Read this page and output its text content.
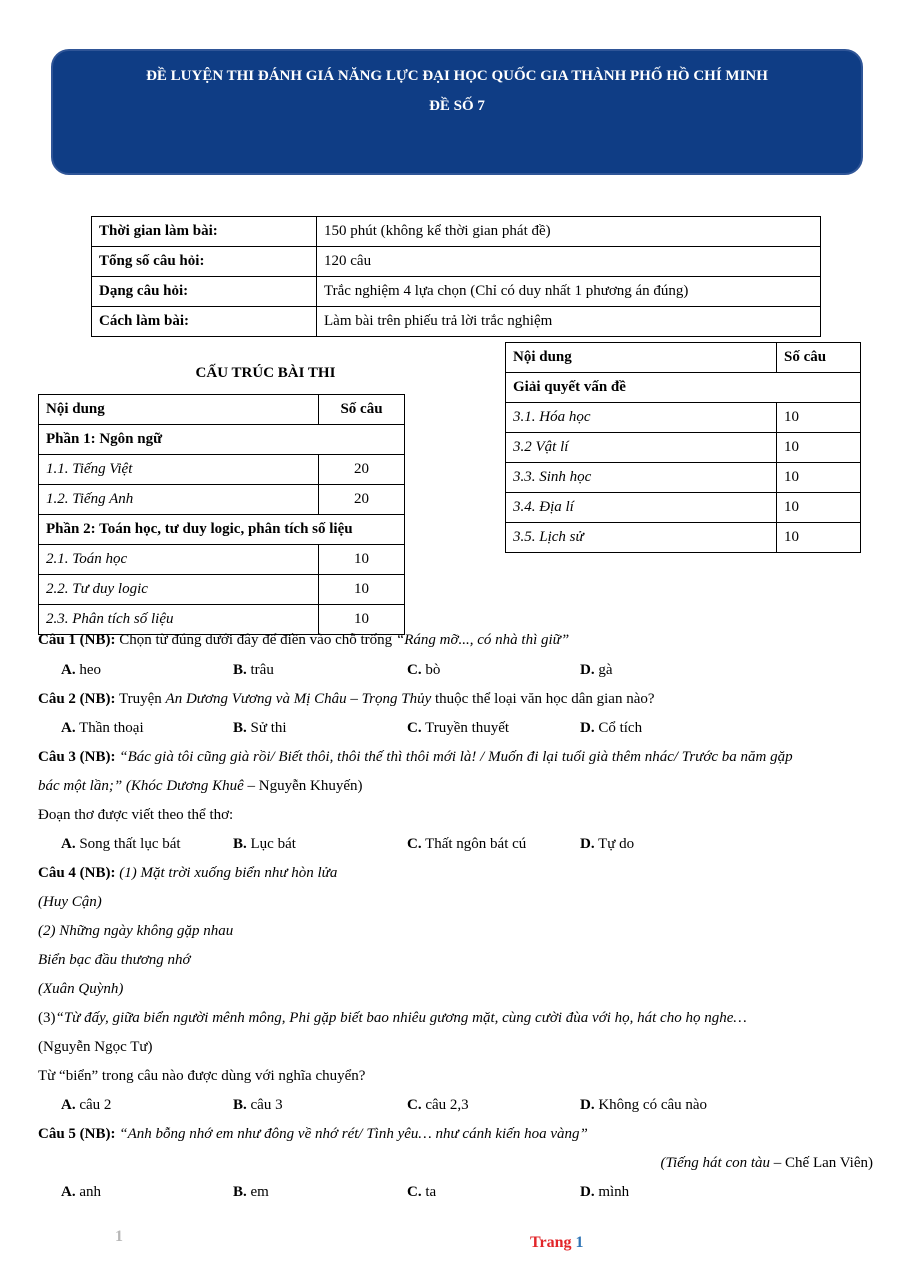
ĐỀ LUYỆN THI ĐÁNH GIÁ NĂNG LỰC ĐẠI HỌC QUỐC GIA THÀNH PHỐ HỒ CHÍ MINH
ĐỀ SỐ 7
Thời gian làm bài:	150 phút (không kể thời gian phát đề)
Tổng số câu hỏi:	120 câu
Dạng câu hỏi:	Trắc nghiệm 4 lựa chọn (Chỉ có duy nhất 1 phương án đúng)
Cách làm bài:	Làm bài trên phiếu trả lời trắc nghiệm
CẤU TRÚC BÀI THI
Nội dung	Số câu
Phần 1: Ngôn ngữ	
1.1. Tiếng Việt	20
1.2. Tiếng Anh	20
Phần 2: Toán học, tư duy logic, phân tích số liệu	
2.1. Toán học	10
2.2. Tư duy logic	10
2.3. Phân tích số liệu	10
Nội dung	Số câu
Giải quyết vấn đề	
3.1. Hóa học	10
3.2 Vật lí	10
3.3. Sinh học	10
3.4. Địa lí	10
3.5. Lịch sử	10
Câu 1 (NB): Chọn từ đúng dưới đây để điền vào chỗ trống “Ráng mỡ..., có nhà thì giữ”
A. heo	B. trâu	C. bò	D. gà
Câu 2 (NB): Truyện An Dương Vương và Mị Châu – Trọng Thủy thuộc thể loại văn học dân gian nào?
A. Thần thoại	B. Sử thi	C. Truyền thuyết	D. Cổ tích
Câu 3 (NB): “Bác già tôi cũng già rồi/ Biết thôi, thôi thế thì thôi mới là! / Muốn đi lại tuổi già thêm nhác/ Trước ba năm gặp
bác một lần;” (Khóc Dương Khuê – Nguyễn Khuyến)
Đoạn thơ được viết theo thể thơ:
A. Song thất lục bát	B. Lục bát	C. Thất ngôn bát cú	D. Tự do
Câu 4 (NB): (1) Mặt trời xuống biển như hòn lửa
(Huy Cận)
(2) Những ngày không gặp nhau
Biển bạc đầu thương nhớ
(Xuân Quỳnh)
(3)“Từ đấy, giữa biển người mênh mông, Phi gặp biết bao nhiêu gương mặt, cùng cười đùa với họ, hát cho họ nghe…
(Nguyễn Ngọc Tư)
Từ “biển” trong câu nào được dùng với nghĩa chuyển?
A. câu 2	B. câu 3	C. câu 2,3	D. Không có câu nào
Câu 5 (NB): “Anh bỗng nhớ em như đông về nhớ rét/ Tình yêu… như cánh kiến hoa vàng”
(Tiếng hát con tàu – Chế Lan Viên)
A. anh	B. em	C. ta	D. mình
1	Trang 1
